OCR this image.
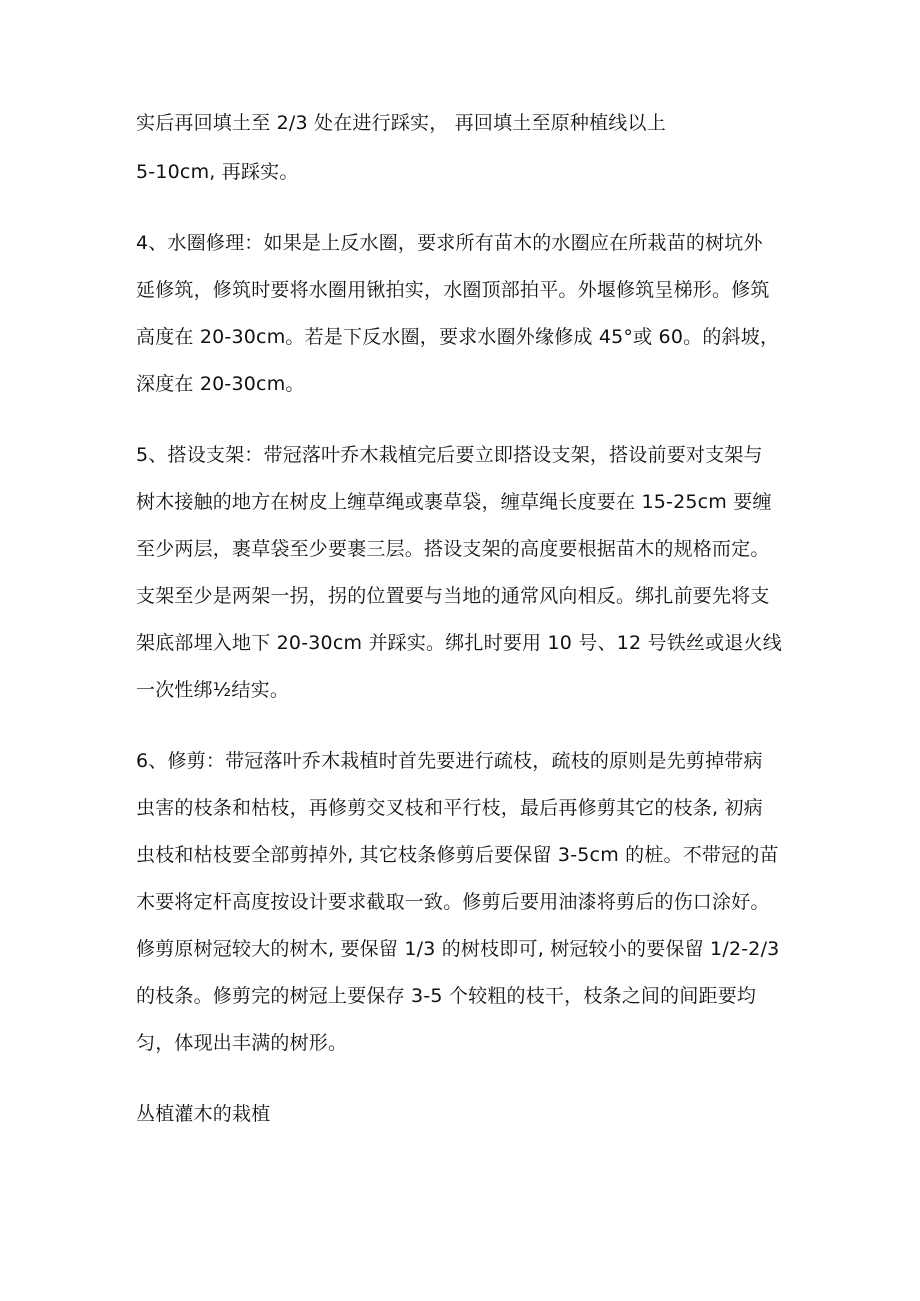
实后再回填土至 2/3 处在进行踩实， 再回填土至原种植线以上
5-10cm, 再踩实。
4、水圈修理：如果是上反水圈，要求所有苗木的水圈应在所栽苗的树坑外
延修筑，修筑时要将水圈用锹拍实，水圈顶部拍平。外堰修筑呈梯形。修筑
高度在 20-30cm。若是下反水圈，要求水圈外缘修成 45°或 60。的斜坡，
深度在 20-30cm。
5、搭设支架：带冠落叶乔木栽植完后要立即搭设支架，搭设前要对支架与
树木接触的地方在树皮上缠草绳或裹草袋，缠草绳长度要在 15-25cm 要缠
至少两层，裹草袋至少要裹三层。搭设支架的高度要根据苗木的规格而定。
支架至少是两架一拐，拐的位置要与当地的通常风向相反。绑扎前要先将支
架底部埋入地下 20-30cm 并踩实。绑扎时要用 10 号、12 号铁丝或退火线
一次性绑½结实。
6、修剪：带冠落叶乔木栽植时首先要进行疏枝，疏枝的原则是先剪掉带病
虫害的枝条和枯枝，再修剪交叉枝和平行枝，最后再修剪其它的枝条, 初病
虫枝和枯枝要全部剪掉外, 其它枝条修剪后要保留 3-5cm 的桩。不带冠的苗
木要将定杆高度按设计要求截取一致。修剪后要用油漆将剪后的伤口涂好。
修剪原树冠较大的树木, 要保留 1/3 的树枝即可, 树冠较小的要保留 1/2-2/3
的枝条。修剪完的树冠上要保存 3-5 个较粗的枝干，枝条之间的间距要均
匀，体现出丰满的树形。
丛植灌木的栽植
